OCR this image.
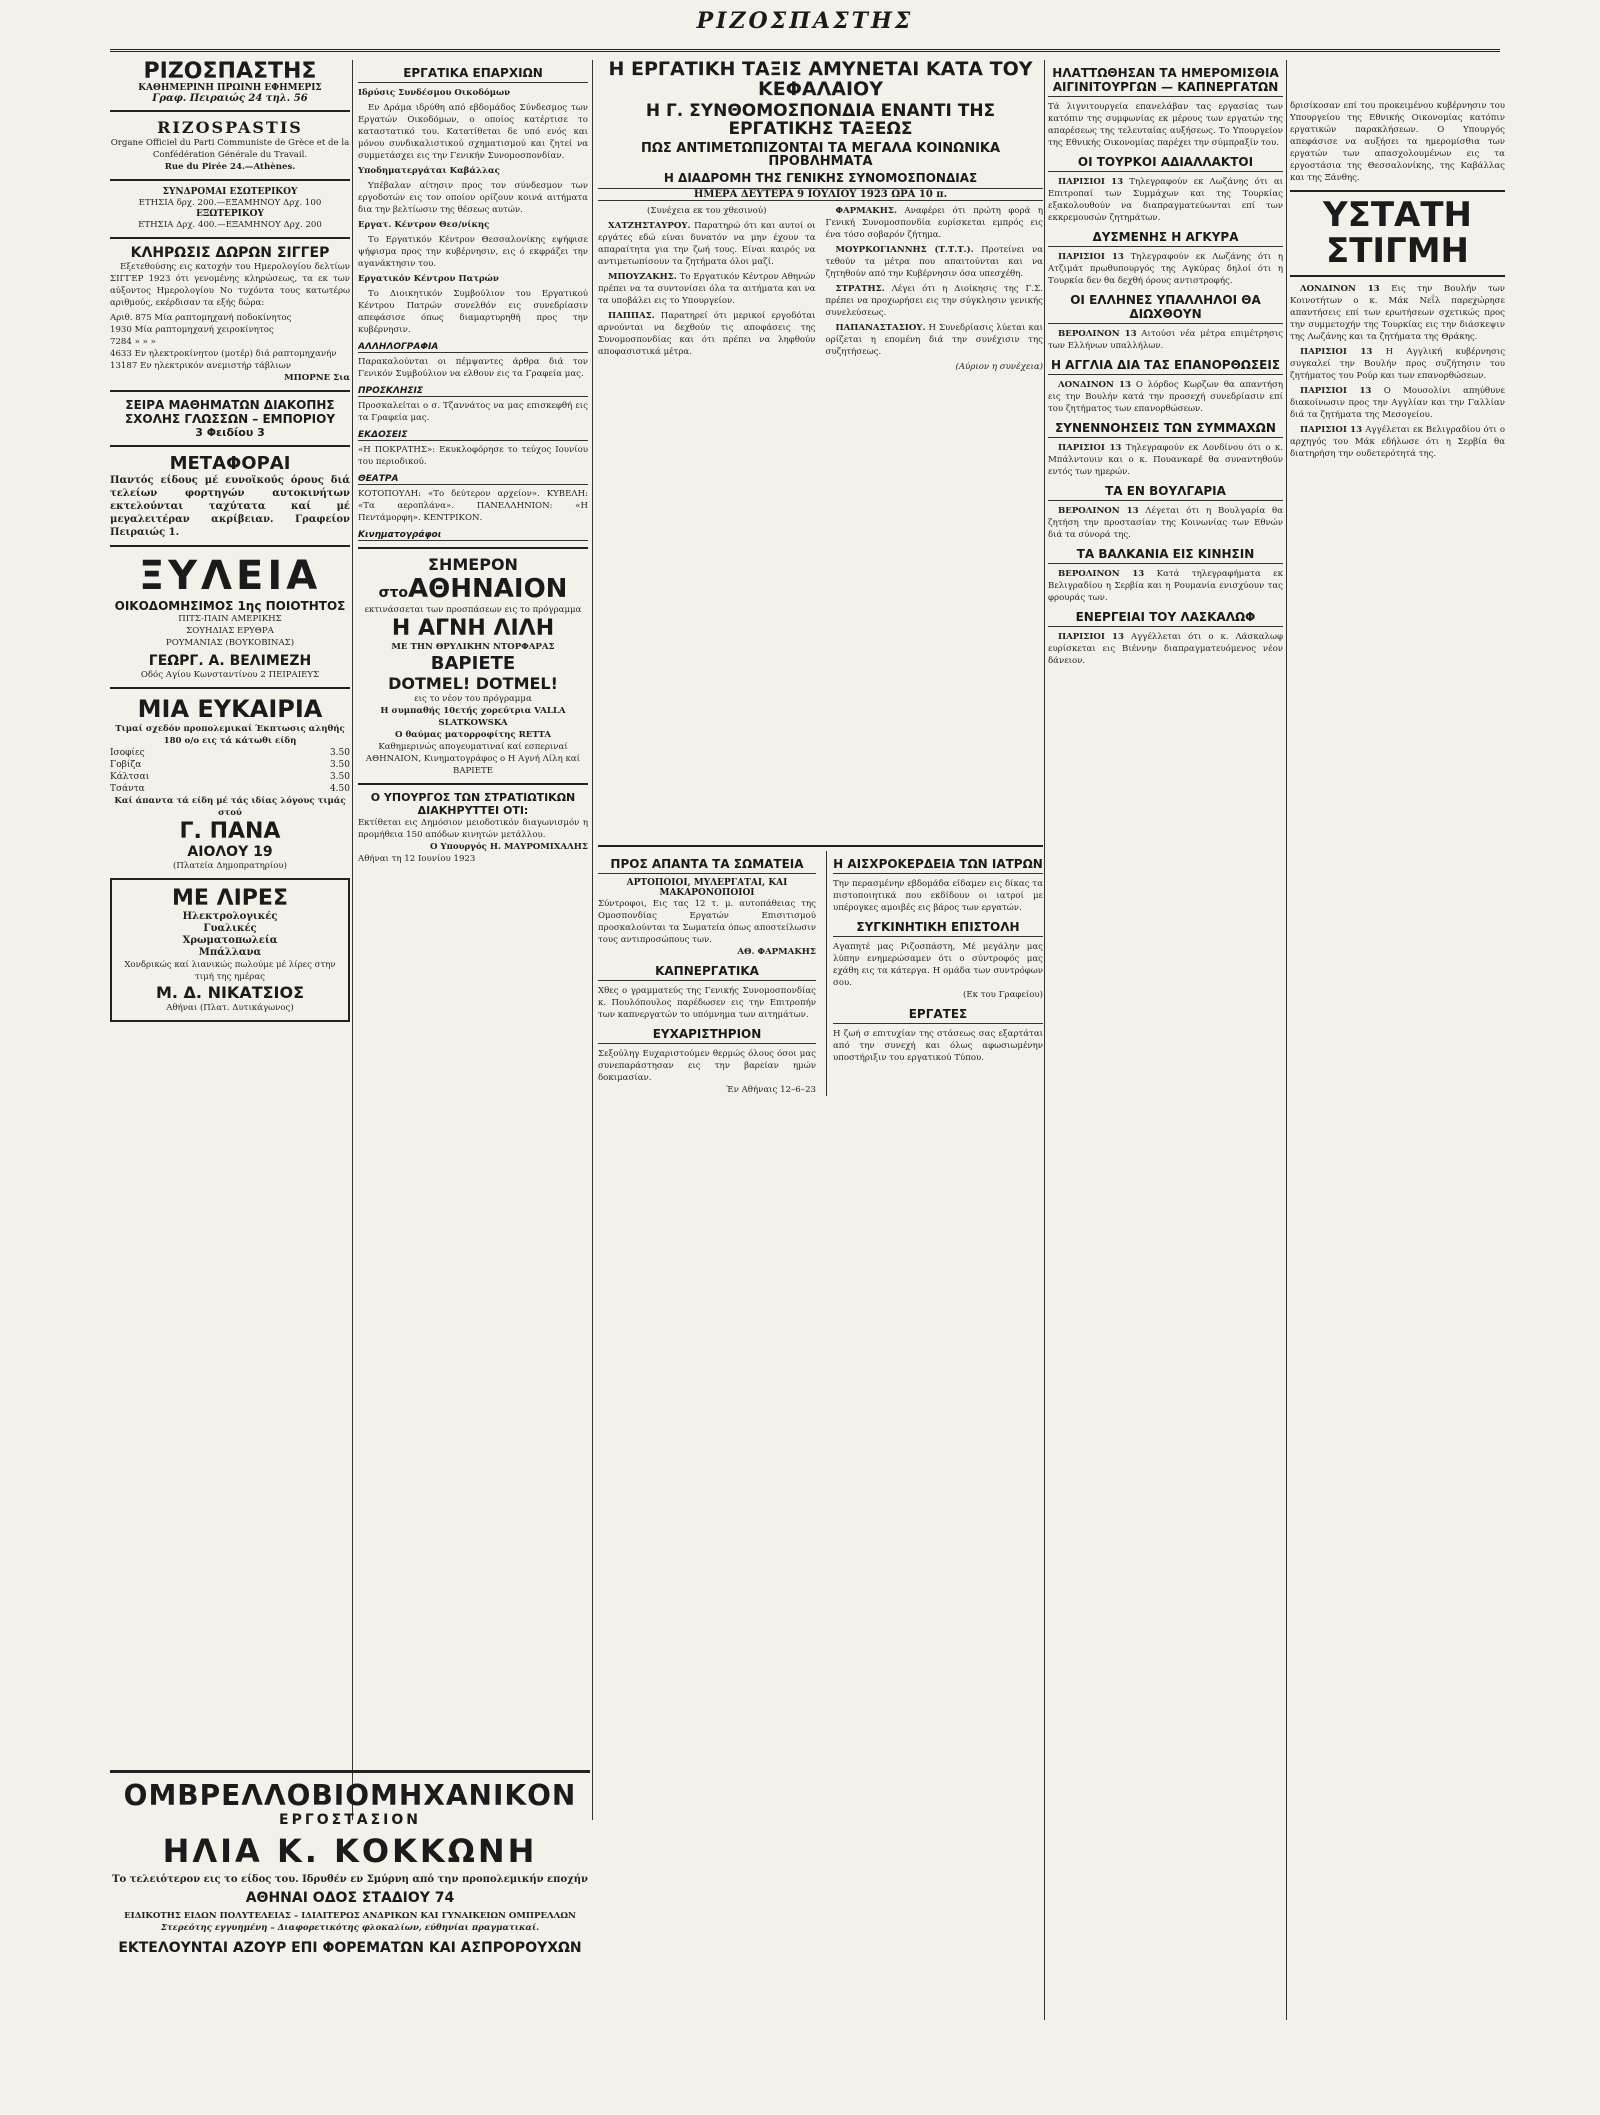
ΡΙΖΟΣΠΑΣΤΗΣ
ΡΙΖΟΣΠΑΣΤΗΣ
ΚΑΘΗΜΕΡΙΝΗ ΠΡΩΙΝΗ ΕΦΗΜΕΡΙΣ
Γραφ. Πειραιώς 24 τηλ. 56
RIZOSPASTIS
Organe Officiel du Parti Communiste de Grèce et de la Confédération Générale du Travail.
Rue du Pirée 24.—Athènes.
ΣΥΝΔΡΟΜΑΙ ΕΣΩΤΕΡΙΚΟΥ
ΕΤΗΣΙΑ δρχ. 200.—ΕΞΑΜΗΝΟΥ Δρχ. 100
ΕΞΩΤΕΡΙΚΟΥ
ΕΤΗΣΙΑ Δρχ. 400.—ΕΞΑΜΗΝΟΥ Δρχ. 200
ΚΛΗΡΩΣΙΣ ΔΩΡΩΝ ΣΙΓΓΕΡ

Εξετεθούσης εις κατοχήν του Ημερολογίου δελτίων ΣΙΓΓΕΡ 1923 ότι γενομένης κληρώσεως, τα εκ των αύξοντος Ημερολογίου Νο τυχόντα τους κατωτέρω αριθμούς, εκέρδισαν τα εξής δώρα:

Αριθ. 875 Μία ραπτομηχανή ποδοκίνητος
1930 Μία ραπτομηχανή χειροκίνητος
7284 » » »
4633 Εν ηλεκτροκίνητον (μοτέρ) διά ραπτομηχανήν
13187 Εν ηλεκτρικόν ανεμιστήρ τάβλιων
ΜΠΟΡΝΕ Σια
ΣΕΙΡΑ ΜΑΘΗΜΑΤΩΝ ΔΙΑΚΟΠΗΣ ΣΧΟΛΗΣ ΓΛΩΣΣΩΝ – ΕΜΠΟΡΙΟΥ
3 Φειδίου 3
ΜΕΤΑΦΟΡΑΙ
Παντός είδους μέ ευνοϊκούς όρους διά τελείων φορτηγών αυτοκινήτων εκτελούνται ταχύτατα καί μέ μεγαλειτέραν ακρίβειαν. Γραφείον Πειραιώς 1.
ΞΥΛΕΙΑ
ΟΙΚΟΔΟΜΗΣΙΜΟΣ 1ης ΠΟΙΟΤΗΤΟΣ
ΠΙΤΣ-ΠΑΙΝ ΑΜΕΡΙΚΗΣ
ΣΟΥΗΔΙΑΣ ΕΡΥΘΡΑ
ΡΟΥΜΑΝΙΑΣ (ΒΟΥΚΟΒΙΝΑΣ)
ΓΕΩΡΓ. Α. ΒΕΛΙΜΕΖΗ
Οδός Αγίου Κωνσταντίνου 2 ΠΕΙΡΑΙΕΥΣ
ΜΙΑ ΕΥΚΑΙΡΙΑ
Τιμαί σχεδόν προπολεμικαί Έκπτωσις αληθής 180 ο/ο εις τά κάτωθι είδη
Ισοφίες	3.50
Γοβίζα	3.50
Κάλτσαι	3.50
Τσάντα	4.50
Καί άπαντα τά είδη μέ τάς ιδίας λόγους τιμάς στού
Γ. ΠΑΝΑ
ΑΙΟΛΟΥ 19
(Πλατεία Δημοπρατηρίου)
ΜΕ ΛΙΡΕΣ
Ηλεκτρολογικές
Γυαλικές
Χρωματοπωλεία
Μπάλλανα
Χονδρικώς καί λιανικώς πωλούμε μέ λίρες στην τιμή της ημέρας
Μ. Δ. ΝΙΚΑΤΣΙΟΣ
Αθήναι (Πλατ. Δυτικάγωνος)
ΕΡΓΑΤΙΚΑ ΕΠΑΡΧΙΩΝ

Ιδρύσις Συνδέσμου Οικοδόμων

Εν Δράμα ιδρύθη από εβδομάδος Σύνδεσμος των Εργατών Οικοδόμων, ο οποίος κατέρτισε το καταστατικό του. Κατατίθεται δε υπό ενός και μόνου συνδικαλιστικού σχηματισμού και ζητεί να συμμετάσχει εις την Γενικήν Συνομοσπονδίαν.

Υποδηματεργάται Καβάλλας

Υπέβαλαν αίτησιν προς τον σύνδεσμον των εργοδοτών εις τον οποίον ορίζουν κοινά αιτήματα δια την βελτίωσιν της θέσεως αυτών.

Εργατ. Κέντρον Θεσ/νίκης

Το Εργατικόν Κέντρον Θεσσαλονίκης εψήφισε ψήφισμα προς την κυβέρνησιν, εις ό εκφράζει την αγανάκτησιν του.

Εργατικόν Κέντρον Πατρών

Το Διοικητικόν Συμβούλιον του Εργατικού Κέντρου Πατρών συνελθόν εις συνεδρίασιν απεφάσισε όπως διαμαρτυρηθή προς την κυβέρνησιν.

ΑΛΛΗΛΟΓΡΑΦΙΑ
Παρακαλούνται οι πέμψαντες άρθρα διά τον Γενικόν Συμβούλιον να ελθουν εις τα Γραφεία μας.
ΠΡΟΣΚΛΗΣΙΣ
Προσκαλείται ο σ. Τζαννάτος να μας επισκεφθή εις τα Γραφεία μας.
ΕΚΔΟΣΕΙΣ
«Η ΠΟΚΡΑΤΗΣ»: Εκυκλοφόρησε το τεύχος Ιουνίου του περιοδικού.
ΘΕΑΤΡΑ
ΚΟΤΟΠΟΥΛΗ: «Το δεύτερον αρχείον». ΚΥΒΕΛΗ: «Τα αεροπλάνα». ΠΑΝΕΛΛΗΝΙΟΝ: «Η Πεντάμορφη». ΚΕΝΤΡΙΚΟΝ.
Κινηματογράφοι
ΣΗΜΕΡΟΝ
στοΑΘΗΝΑΙΟΝ
εκτινάσσεται των προσπάσεων εις το πρόγραμμα
Η ΑΓΝΗ ΛΙΛΗ
ΜΕ ΤΗΝ ΘΡΥΛΙΚΗΝ ΝΤΟΡΦΑΡΑΣ
ΒΑΡΙΕΤΕ
DOTMEL! DOTMEL!
εις το νέον του πρόγραμμα
Η συμπαθής 10ετής χορεύτρια VALLA SLATKOWSKA
Ο θαύμας ματορροφίτης RETTA
Καθημερινώς απογευματιναί καί εσπεριναί
ΑΘΗΝΑΙΟΝ, Κινηματογράφος ο Η Αγνή Λίλη καί ΒΑΡΙΕΤΕ
Ο ΥΠΟΥΡΓΟΣ ΤΩΝ ΣΤΡΑΤΙΩΤΙΚΩΝ ΔΙΑΚΗΡΥΤΤΕΙ ΟΤΙ:
Εκτίθεται εις Δημόσιον μειοδοτικόν διαγωνισμόν η προμήθεια 150 απόδων κινητών μετάλλου.
Ο Υπουργός Η. ΜΑΥΡΟΜΙΧΑΛΗΣ
Αθήναι τη 12 Ιουνίου 1923
Η ΕΡΓΑΤΙΚΗ ΤΑΞΙΣ ΑΜΥΝΕΤΑΙ ΚΑΤΑ ΤΟΥ ΚΕΦΑΛΑΙΟΥ
Η Γ. ΣΥΝΘΟΜΟΣΠΟΝΔΙΑ ΕΝΑΝΤΙ ΤΗΣ ΕΡΓΑΤΙΚΗΣ ΤΑΞΕΩΣ
ΠΩΣ ΑΝΤΙΜΕΤΩΠΙΖΟΝΤΑΙ ΤΑ ΜΕΓΑΛΑ ΚΟΙΝΩΝΙΚΑ ΠΡΟΒΛΗΜΑΤΑ
Η ΔΙΑΔΡΟΜΗ ΤΗΣ ΓΕΝΙΚΗΣ ΣΥΝΟΜΟΣΠΟΝΔΙΑΣ
ΗΜΕΡΑ ΔΕΥΤΕΡΑ 9 ΙΟΥΛΙΟΥ 1923 ΩΡΑ 10 π.

(Συνέχεια εκ του χθεσινού)

ΧΑΤΖΗΣΤΑΥΡΟΥ. Παρατηρώ ότι και αυτοί οι εργάτες εδώ είναι δυνατόν να μην έχουν τα απαραίτητα για την ζωή τους. Είναι καιρός να αντιμετωπίσουν τα ζητήματα όλοι μαζί.

ΜΠΟΥΖΑΚΗΣ. Το Εργατικόν Κέντρον Αθηνών πρέπει να τα συντονίσει όλα τα αιτήματα και να τα υποβάλει εις το Υπουργείον.

ΠΑΠΠΑΣ. Παρατηρεί ότι μερικοί εργοδόται αρνούνται να δεχθούν τις αποφάσεις της Συνομοσπονδίας και ότι πρέπει να ληφθούν αποφασιστικά μέτρα.

ΦΑΡΜΑΚΗΣ. Αναφέρει ότι πρώτη φορά η Γενική Συνομοσπονδία ευρίσκεται εμπρός εις ένα τόσο σοβαρόν ζήτημα.

ΜΟΥΡΚΟΓΙΑΝΝΗΣ (Τ.Τ.Τ.). Προτείνει να τεθούν τα μέτρα που απαιτούνται και να ζητηθούν από την Κυβέρνησιν όσα υπεσχέθη.

ΣΤΡΑΤΗΣ. Λέγει ότι η Διοίκησις της Γ.Σ. πρέπει να προχωρήσει εις την σύγκλησιν γενικής συνελεύσεως.

ΠΑΠΑΝΑΣΤΑΣΙΟΥ. Η Συνεδρίασις λύεται και ορίζεται η επομένη διά την συνέχισιν της συζητήσεως.

(Αύριον η συνέχεια)

ΠΡΟΣ ΑΠΑΝΤΑ ΤΑ ΣΩΜΑΤΕΙΑ
ΑΡΤΟΠΟΙΟΙ, ΜΥΛΕΡΓΑΤΑΙ, ΚΑΙ ΜΑΚΑΡΟΝΟΠΟΙΟΙ
Σύντροφοι, Εις τας 12 τ. μ. αυτοπάθειας της Ομοσπονδίας Εργατών Επισιτισμού προσκαλούνται τα Σωματεία όπως αποστείλωσιν τους αντιπροσώπους των.
ΑΘ. ΦΑΡΜΑΚΗΣ
ΚΑΠΝΕΡΓΑΤΙΚΑ
Χθες ο γραμματεύς της Γενικής Συνομοσπονδίας κ. Πουλόπουλος παρέδωσεν εις την Επιτροπήν των καπνεργατών το υπόμνημα των αιτημάτων.
ΕΥΧΑΡΙΣΤΗΡΙΟΝ
Σεξούληγ Ευχαριστούμεν θερμώς όλους όσοι μας συνεπαράστησαν εις την βαρείαν ημών δοκιμασίαν.
Έν Αθήναις 12–6–23
Η ΑΙΣΧΡΟΚΕΡΔΕΙΑ ΤΩΝ ΙΑΤΡΩΝ
Την περασμένην εβδομάδα είδαμεν εις δίκας τα πιστοποιητικά που εκδίδουν οι ιατροί με υπέρογκες αμοιβές εις βάρος των εργατών.
ΣΥΓΚΙΝΗΤΙΚΗ ΕΠΙΣΤΟΛΗ
Αγαπητέ μας Ριζοσπάστη, Μέ μεγάλην μας λύπην ενημερώσαμεν ότι ο σύντροφός μας εχάθη εις τα κάτεργα. Η ομάδα των συντρόφων σου.
(Εκ του Γραφείου)
ΕΡΓΑΤΕΣ
Η ζωή σ επιτυχίαν της στάσεως σας εξαρτάται από την συνεχή και όλως αφωσιωμένην υποστήριξιν του εργατικού Τύπου.
ΗΛΑΤΤΩΘΗΣΑΝ ΤΑ ΗΜΕΡΟΜΙΣΘΙΑ ΑΙΓΙΝΙΤΟΥΡΓΩΝ — ΚΑΠΝΕΡΓΑΤΩΝ
Τά λιγνιτουργεία επανελάβαν τας εργασίας των κατόπιν της συμφωνίας εκ μέρους των εργατών της απαρέσεως της τελευταίας αυξήσεως. Το Υπουργείον της Εθνικής Οικονομίας παρέχει την σύμπραξίν του.
ΟΙ ΤΟΥΡΚΟΙ ΑΔΙΑΛΛΑΚΤΟΙ

ΠΑΡΙΣΙΟΙ 13 Τηλεγραφούν εκ Λωζάνης ότι αι Επιτροπαί των Συμμάχων και της Τουρκίας εξακολουθούν να διαπραγματεύωνται επί των εκκρεμουσών ζητημάτων.

ΔΥΣΜΕΝΗΣ Η ΑΓΚΥΡΑ

ΠΑΡΙΣΙΟΙ 13 Τηλεγραφούν εκ Λωζάνης ότι η Ατζιμάτ πρωθυπουργός της Αγκύρας δηλοί ότι η Τουρκία δεν θα δεχθή όρους αντιστροφής.

ΟΙ ΕΛΛΗΝΕΣ ΥΠΑΛΛΗΛΟΙ ΘΑ ΔΙΩΧΘΟΥΝ

ΒΕΡΟΛΙΝΟΝ 13 Αιτούσι νέα μέτρα επιμέτρησις των Ελλήνων υπαλλήλων.

Η ΑΓΓΛΙΑ ΔΙΑ ΤΑΣ ΕΠΑΝΟΡΘΩΣΕΙΣ

ΛΟΝΔΙΝΟΝ 13 Ο λόρδος Κωρζων θα απαντήση εις την Βουλήν κατά την προσεχή συνεδρίασιν επί του ζητήματος των επανορθώσεων.

ΣΥΝΕΝΝΟΗΣΕΙΣ ΤΩΝ ΣΥΜΜΑΧΩΝ

ΠΑΡΙΣΙΟΙ 13 Τηλεγραφούν εκ Λονδίνου ότι ο κ. Μπάλντουιν και ο κ. Πουανκαρέ θα συναντηθούν εντός των ημερών.

ΤΑ ΕΝ ΒΟΥΛΓΑΡΙΑ

ΒΕΡΟΛΙΝΟΝ 13 Λέγεται ότι η Βουλγαρία θα ζητήση την προστασίαν της Κοινωνίας των Εθνών διά τα σύνορά της.

ΤΑ ΒΑΛΚΑΝΙΑ ΕΙΣ ΚΙΝΗΣΙΝ

ΒΕΡΟΛΙΝΟΝ 13 Κατά τηλεγραφήματα εκ Βελιγραδίου η Σερβία και η Ρουμανία ενισχύουν τας φρουράς των.

ΕΝΕΡΓΕΙΑΙ ΤΟΥ ΛΑΣΚΑΛΩΦ

ΠΑΡΙΣΙΟΙ 13 Αγγέλλεται ότι ο κ. Λάσκαλωφ ευρίσκεται εις Βιέννην διαπραγματευόμενος νέον δάνειον.

δρισίκοσαν επί του προκειμένου κυβέρνησιν του Υπουργείου της Εθνικής Οικονομίας κατόπιν εργατικών παρακλήσεων. Ο Υπουργός απεφάσισε να αυξήσει τα ημερομίσθια των εργατών των απασχολουμένων εις τα εργοστάσια της Θεσσαλονίκης, της Καβάλλας και της Ξάνθης.
ΥΣΤΑΤΗ ΣΤΙΓΜΗ

ΛΟΝΔΙΝΟΝ 13 Εις την Βουλήν των Κοινοτήτων ο κ. Μάκ Νεΐλ παρεχώρησε απαντήσεις επί των ερωτήσεων σχετικώς προς την συμμετοχήν της Τουρκίας εις την διάσκεψιν της Λωζάνης και τα ζητήματα της Θράκης.

ΠΑΡΙΣΙΟΙ 13 Η Αγγλική κυβέρνησις συγκαλεί την Βουλήν προς συζήτησιν του ζητήματος του Ρούρ και των επανορθώσεων.

ΠΑΡΙΣΙΟΙ 13 Ο Μουσολίνι απηύθυνε διακοίνωσιν προς την Αγγλίαν και την Γαλλίαν διά τα ζητήματα της Μεσογείου.

ΠΑΡΙΣΙΟΙ 13 Αγγέλεται εκ Βελιγραδίου ότι ο αρχηγός του Μάκ εδήλωσε ότι η Σερβία θα διατηρήση την ουδετερότητά της.

ΟΜΒΡΕΛΛΟΒΙΟΜΗΧΑΝΙΚΟΝ
ΕΡΓΟΣΤΑΣΙΟΝ
ΗΛΙΑ Κ. ΚΟΚΚΩΝΗ
Το τελειότερον εις το είδος του. Ιδρυθέν εν Σμύρνη από την προπολεμικήν εποχήν
ΑΘΗΝΑΙ ΟΔΟΣ ΣΤΑΔΙΟΥ 74
ΕΙΔΙΚΟΤΗΣ ΕΙΔΩΝ ΠΟΛΥΤΕΛΕΙΑΣ – ΙΔΙΑΙΤΕΡΩΣ ΑΝΔΡΙΚΩΝ ΚΑΙ ΓΥΝΑΙΚΕΙΩΝ ΟΜΠΡΕΛΛΩΝ
Στερεότης εγγυημένη – Διαφορετικότης φλοκαλίων, εύθηνίαι πραγματικαί.
ΕΚΤΕΛΟΥΝΤΑΙ ΑΖΟΥΡ ΕΠΙ ΦΟΡΕΜΑΤΩΝ ΚΑΙ ΑΣΠΡΟΡΟΥΧΩΝ
